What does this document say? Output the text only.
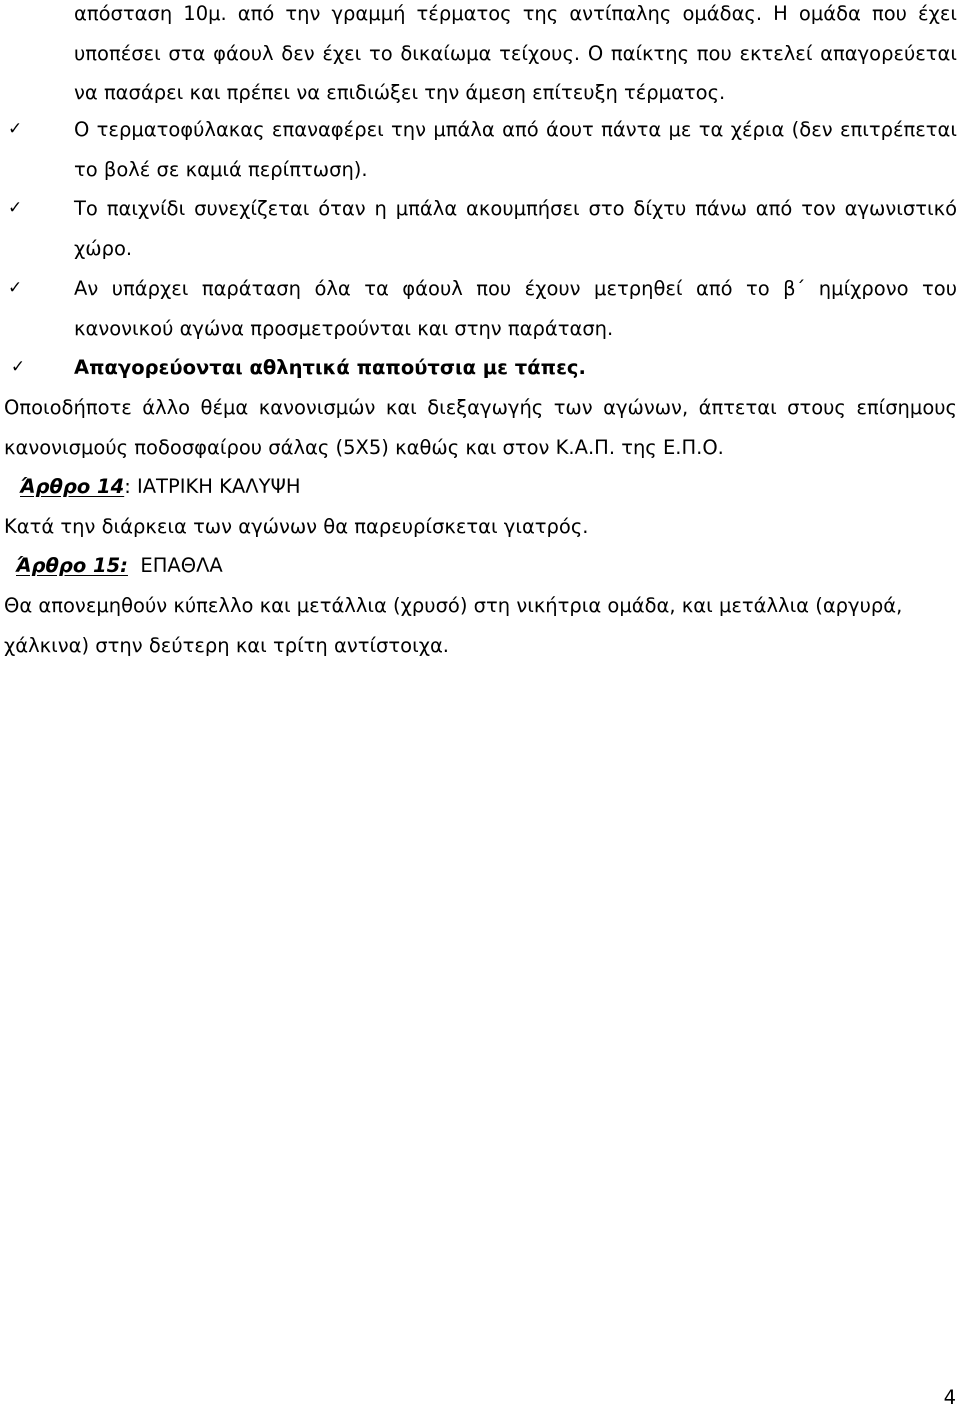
απόσταση 10μ. από την γραμμή τέρματος της αντίπαλης ομάδας. Η ομάδα που έχει υποπέσει στα φάουλ δεν έχει το δικαίωμα τείχους. Ο παίκτης που εκτελεί απαγορεύεται να πασάρει και πρέπει να επιδιώξει την άμεση επίτευξη τέρματος.
✓	Ο τερματοφύλακας επαναφέρει την μπάλα από άουτ πάντα με τα χέρια (δεν επιτρέπεται το βολέ σε καμιά περίπτωση).
✓	Το παιχνίδι συνεχίζεται όταν η μπάλα ακουμπήσει στο δίχτυ πάνω από τον αγωνιστικό χώρο.
✓	Αν υπάρχει παράταση όλα τα φάουλ που έχουν μετρηθεί από το β΄ ημίχρονο του κανονικού αγώνα προσμετρούνται και στην παράταση.
✓	Απαγορεύονται αθλητικά παπούτσια με τάπες.
Οποιοδήποτε άλλο θέμα κανονισμών και διεξαγωγής των αγώνων, άπτεται στους επίσημους κανονισμούς ποδοσφαίρου σάλας (5Χ5) καθώς και στον Κ.Α.Π. της Ε.Π.Ο.
Άρθρο 14: ΙΑΤΡΙΚΗ ΚΑΛΥΨΗ
Κατά την διάρκεια των αγώνων θα παρευρίσκεται γιατρός.
Άρθρο 15: ΕΠΑΘΛΑ
Θα απονεμηθούν κύπελλο και μετάλλια (χρυσό) στη νικήτρια ομάδα, και μετάλλια (αργυρά, χάλκινα) στην δεύτερη και τρίτη αντίστοιχα.
4
